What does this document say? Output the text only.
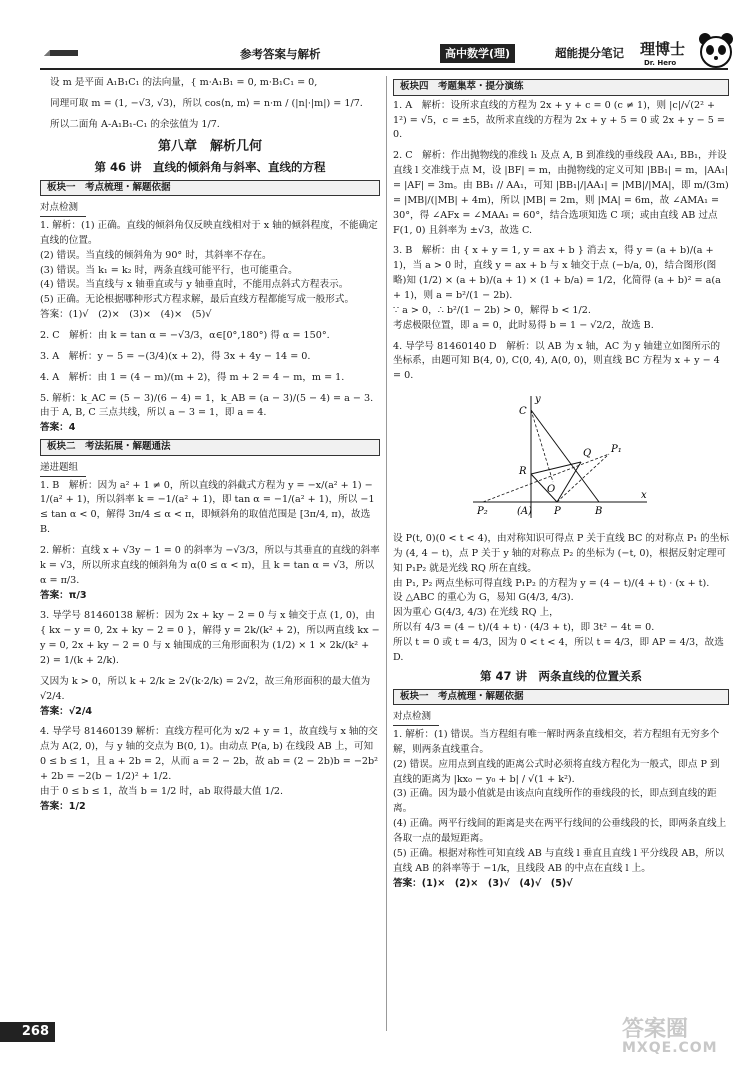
参考答案与解析	高中数学(理)	超能提分笔记 理博士
Dr. Hero

设 m 是平面 A₁B₁C₁ 的法向量，{ m·A₁B₁ = 0, m·B₁C₁ = 0,

同理可取 m = (1, −√3, √3)，所以 cos⟨n, m⟩ = n·m / (|n|·|m|) = 1/7.

所以二面角 A-A₁B₁-C₁ 的余弦值为 1/7.

第八章　解析几何
第 46 讲　直线的倾斜角与斜率、直线的方程
板块一　考点梳理・解题依据
对点检测

1. 解析：(1) 正确。直线的倾斜角仅反映直线相对于 x 轴的倾斜程度，不能确定直线的位置。

(2) 错误。当直线的倾斜角为 90° 时，其斜率不存在。

(3) 错误。当 k₁ = k₂ 时，两条直线可能平行，也可能重合。

(4) 错误。当直线与 x 轴垂直或与 y 轴垂直时，不能用点斜式方程表示。

(5) 正确。无论根据哪种形式方程求解，最后直线方程都能写成一般形式。

答案：(1)√　(2)×　(3)×　(4)×　(5)√

2. C　解析：由 k = tan α = −√3/3，α∈[0°,180°) 得 α = 150°.

3. A　解析：y − 5 = −(3/4)(x + 2)，得 3x + 4y − 14 = 0.

4. A　解析：由 1 = (4 − m)/(m + 2)，得 m + 2 = 4 − m，m = 1.

5. 解析：k_AC = (5 − 3)/(6 − 4) = 1，k_AB = (a − 3)/(5 − 4) = a − 3.

由于 A, B, C 三点共线，所以 a − 3 = 1，即 a = 4.

答案：4

板块二　考法拓展・解题通法
递进题组

1. B　解析：因为 a² + 1 ≠ 0，所以直线的斜截式方程为 y = −x/(a² + 1) − 1/(a² + 1)，所以斜率 k = −1/(a² + 1)，即 tan α = −1/(a² + 1)，所以 −1 ≤ tan α < 0，解得 3π/4 ≤ α < π，即倾斜角的取值范围是 [3π/4, π)，故选 B.

2. 解析：直线 x + √3y − 1 = 0 的斜率为 −√3/3，所以与其垂直的直线的斜率 k = √3，所以所求直线的倾斜角为 α(0 ≤ α < π)，且 k = tan α = √3，所以 α = π/3.

答案：π/3

3. 导学号 81460138 解析：因为 2x + ky − 2 = 0 与 x 轴交于点 (1, 0)，由 { kx − y = 0, 2x + ky − 2 = 0 }，解得 y = 2k/(k² + 2)，所以两直线 kx − y = 0, 2x + ky − 2 = 0 与 x 轴围成的三角形面积为 (1/2) × 1 × 2k/(k² + 2) = 1/(k + 2/k).

又因为 k > 0，所以 k + 2/k ≥ 2√(k·2/k) = 2√2，故三角形面积的最大值为 √2/4.

答案：√2/4

4. 导学号 81460139 解析：直线方程可化为 x/2 + y = 1，故直线与 x 轴的交点为 A(2, 0)，与 y 轴的交点为 B(0, 1)。由动点 P(a, b) 在线段 AB 上，可知 0 ≤ b ≤ 1，且 a + 2b = 2，从而 a = 2 − 2b，故 ab = (2 − 2b)b = −2b² + 2b = −2(b − 1/2)² + 1/2.

由于 0 ≤ b ≤ 1，故当 b = 1/2 时，ab 取得最大值 1/2.

答案：1/2

板块四　考题集萃・提分演练

1. A　解析：设所求直线的方程为 2x + y + c = 0 (c ≠ 1)，则 |c|/√(2² + 1²) = √5，c = ±5，故所求直线的方程为 2x + y + 5 = 0 或 2x + y − 5 = 0.

2. C　解析：作出抛物线的准线 l₁ 及点 A, B 到准线的垂线段 AA₁, BB₁，并设直线 l 交准线于点 M，设 |BF| = m，由抛物线的定义可知 |BB₁| = m，|AA₁| = |AF| = 3m。由 BB₁ // AA₁，可知 |BB₁|/|AA₁| = |MB|/|MA|，即 m/(3m) = |MB|/(|MB| + 4m)，所以 |MB| = 2m，则 |MA| = 6m，故 ∠AMA₁ = 30°，得 ∠AFx = ∠MAA₁ = 60°，结合选项知选 C 项；或由直线 AB 过点 F(1, 0) 且斜率为 ±√3，故选 C.

3. B　解析：由 { x + y = 1, y = ax + b } 消去 x，得 y = (a + b)/(a + 1)，当 a > 0 时，直线 y = ax + b 与 x 轴交于点 (−b/a, 0)，结合图形(图略)知 (1/2) × (a + b)/(a + 1) × (1 + b/a) = 1/2，化简得 (a + b)² = a(a + 1)，则 a = b²/(1 − 2b).

∵ a > 0，∴ b²/(1 − 2b) > 0，解得 b < 1/2.

考虑极限位置，即 a = 0，此时易得 b = 1 − √2/2，故选 B.

4. 导学号 81460140 D　解析：以 AB 为 x 轴，AC 为 y 轴建立如图所示的坐标系，由题可知 B(4, 0), C(0, 4), A(0, 0)，则直线 BC 方程为 x + y − 4 = 0.

C
Q P₁
R
O
P₂	(A) P	B
x
y

设 P(t, 0)(0 < t < 4)，由对称知识可得点 P 关于直线 BC 的对称点 P₁ 的坐标为 (4, 4 − t)，点 P 关于 y 轴的对称点 P₂ 的坐标为 (−t, 0)，根据反射定理可知 P₁P₂ 就是光线 RQ 所在直线。

由 P₁, P₂ 两点坐标可得直线 P₁P₂ 的方程为 y = (4 − t)/(4 + t) · (x + t).

设 △ABC 的重心为 G，易知 G(4/3, 4/3).

因为重心 G(4/3, 4/3) 在光线 RQ 上，

所以有 4/3 = (4 − t)/(4 + t) · (4/3 + t)，即 3t² − 4t = 0.

所以 t = 0 或 t = 4/3，因为 0 < t < 4，所以 t = 4/3，即 AP = 4/3，故选 D.

第 47 讲　两条直线的位置关系
板块一　考点梳理・解题依据
对点检测

1. 解析：(1) 错误。当方程组有唯一解时两条直线相交，若方程组有无穷多个解，则两条直线重合。

(2) 错误。应用点到直线的距离公式时必须将直线方程化为一般式，即点 P 到直线的距离为 |kx₀ − y₀ + b| / √(1 + k²).

(3) 正确。因为最小值就是由该点向直线所作的垂线段的长，即点到直线的距离。

(4) 正确。两平行线间的距离是夹在两平行线间的公垂线段的长，即两条直线上各取一点的最短距离。

(5) 正确。根据对称性可知直线 AB 与直线 l 垂直且直线 l 平分线段 AB，所以直线 AB 的斜率等于 −1/k，且线段 AB 的中点在直线 l 上。

答案：(1)×　(2)×　(3)√　(4)√　(5)√

268	答案圈
MXQE.COM
